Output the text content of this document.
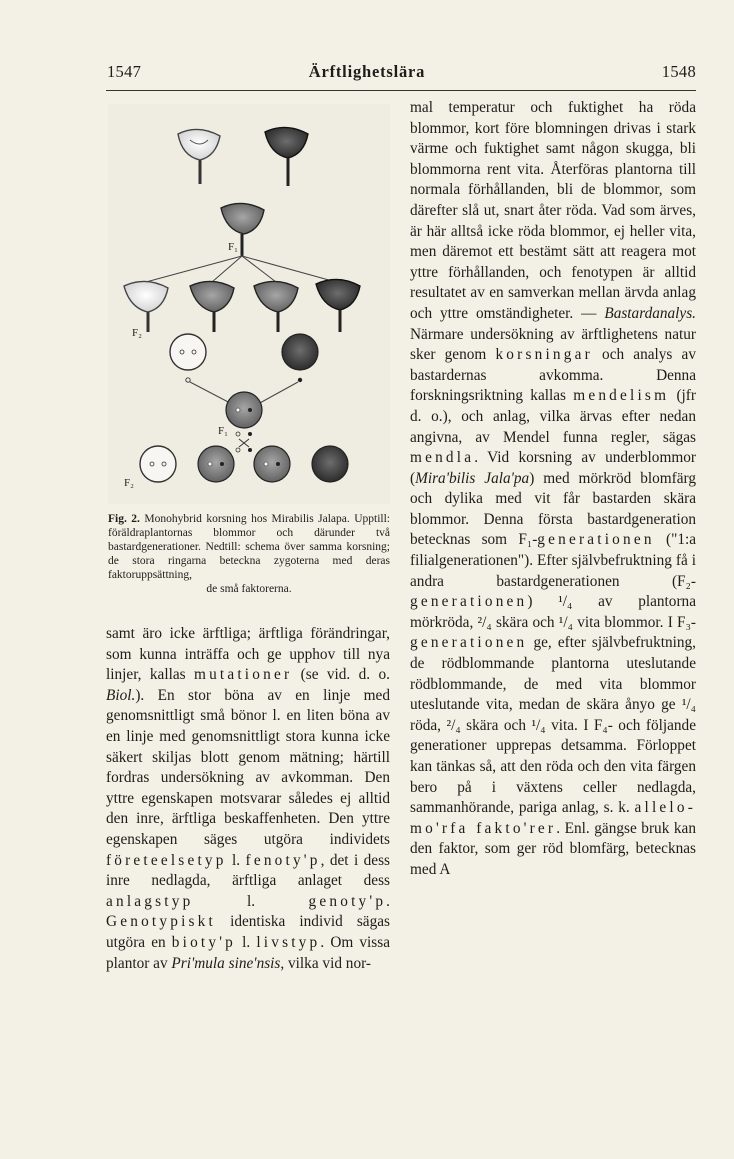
1547	Ärftlighetslära	1548
F₁
F₂
F₁
F₂
Fig. 2. Monohybrid korsning hos Mirabilis Jalapa. Upptill: föräldraplantornas blommor och därunder två bastardgenerationer. Nedtill: schema över samma korsning; de stora ringarna beteckna zygoterna med deras faktoruppsättning,
de små faktorerna.

samt äro icke ärftliga; ärftliga förändringar, som kunna inträffa och ge upphov till nya linjer, kallas mutationer (se vid. d. o. Biol.). En stor böna av en linje med genomsnittligt små bönor l. en liten böna av en linje med genomsnittligt stora kunna icke säkert skiljas blott genom mätning; härtill fordras undersökning av avkomman. Den yttre egenskapen motsvarar således ej alltid den inre, ärftliga beskaffenheten. Den yttre egenskapen säges utgöra individets företeelsetyp l. fenoty'p, det i dess inre nedlagda, ärftliga anlaget dess anlagstyp l. genoty'p. Genotypiskt identiska individ sägas utgöra en bioty'p l. livstyp. Om vissa plantor av Pri'mula sine'nsis, vilka vid nor-

mal temperatur och fuktighet ha röda blommor, kort före blomningen drivas i stark värme och fuktighet samt någon skugga, bli blommorna rent vita. Återföras plantorna till normala förhållanden, bli de blommor, som därefter slå ut, snart åter röda. Vad som ärves, är här alltså icke röda blommor, ej heller vita, men däremot ett bestämt sätt att reagera mot yttre förhållanden, och fenotypen är alltid resultatet av en samverkan mellan ärvda anlag och yttre omständigheter. — Bastardanalys. Närmare undersökning av ärftlighetens natur sker genom korsningar och analys av bastardernas avkomma. Denna forskningsriktning kallas mendelism (jfr d. o.), och anlag, vilka ärvas efter nedan angivna, av Mendel funna regler, sägas mendla. Vid korsning av underblommor (Mira'bilis Jala'pa) med mörkröd blomfärg och dylika med vit får bastarden skära blommor. Denna första bastardgeneration betecknas som F₁-generationen ("1:a filialgenerationen"). Efter självbefruktning få i andra bastardgenerationen (F₂-generationen) ¹/₄ av plantorna mörkröda, ²/₄ skära och ¹/₄ vita blommor. I F₃-generationen ge, efter självbefruktning, de rödblommande plantorna uteslutande rödblommande, de med vita blommor uteslutande vita, medan de skära ånyo ge ¹/₄ röda, ²/₄ skära och ¹/₄ vita. I F₄- och följande generationer upprepas detsamma. Förloppet kan tänkas så, att den röda och den vita färgen bero på i växtens celler nedlagda, sammanhörande, pariga anlag, s. k. allelo-mo'rfa fakto'rer. Enl. gängse bruk kan den faktor, som ger röd blomfärg, betecknas med A
